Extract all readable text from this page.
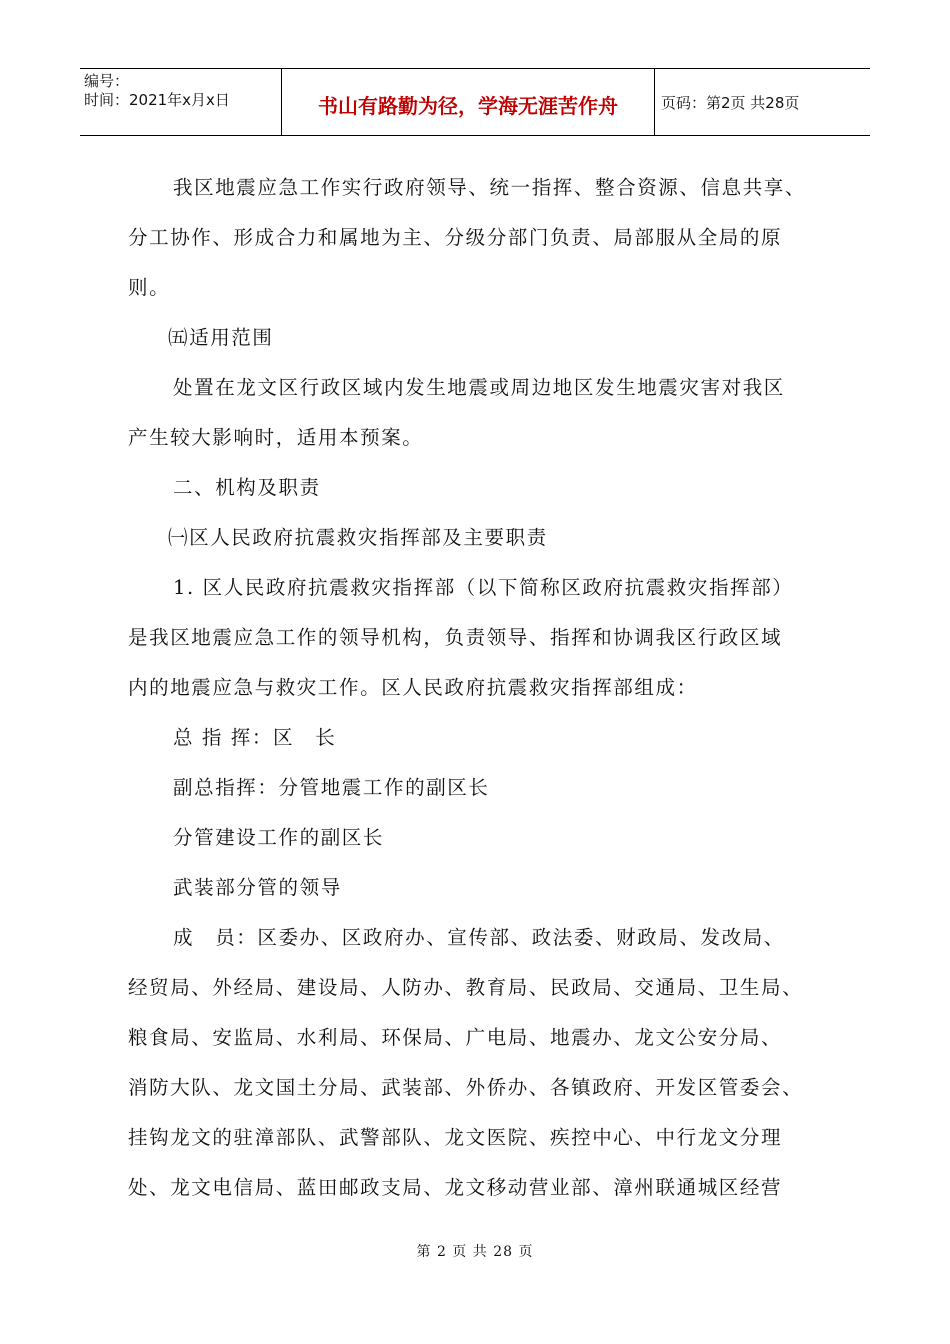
编号：
时间：2021年x月x日	书山有路勤为径，学海无涯苦作舟	页码：第2页 共28页
我区地震应急工作实行政府领导、统一指挥、整合资源、信息共享、
分工协作、形成合力和属地为主、分级分部门负责、局部服从全局的原
则。
㈤适用范围
处置在龙文区行政区域内发生地震或周边地区发生地震灾害对我区
产生较大影响时，适用本预案。
二、机构及职责
㈠区人民政府抗震救灾指挥部及主要职责
1. 区人民政府抗震救灾指挥部（以下简称区政府抗震救灾指挥部）
是我区地震应急工作的领导机构，负责领导、指挥和协调我区行政区域
内的地震应急与救灾工作。区人民政府抗震救灾指挥部组成：
总 指 挥：区　长
副总指挥：分管地震工作的副区长
分管建设工作的副区长
武装部分管的领导
成　员：区委办、区政府办、宣传部、政法委、财政局、发改局、
经贸局、外经局、建设局、人防办、教育局、民政局、交通局、卫生局、
粮食局、安监局、水利局、环保局、广电局、地震办、龙文公安分局、
消防大队、龙文国土分局、武装部、外侨办、各镇政府、开发区管委会、
挂钩龙文的驻漳部队、武警部队、龙文医院、疾控中心、中行龙文分理
处、龙文电信局、蓝田邮政支局、龙文移动营业部、漳州联通城区经营
第 2 页 共 28 页
